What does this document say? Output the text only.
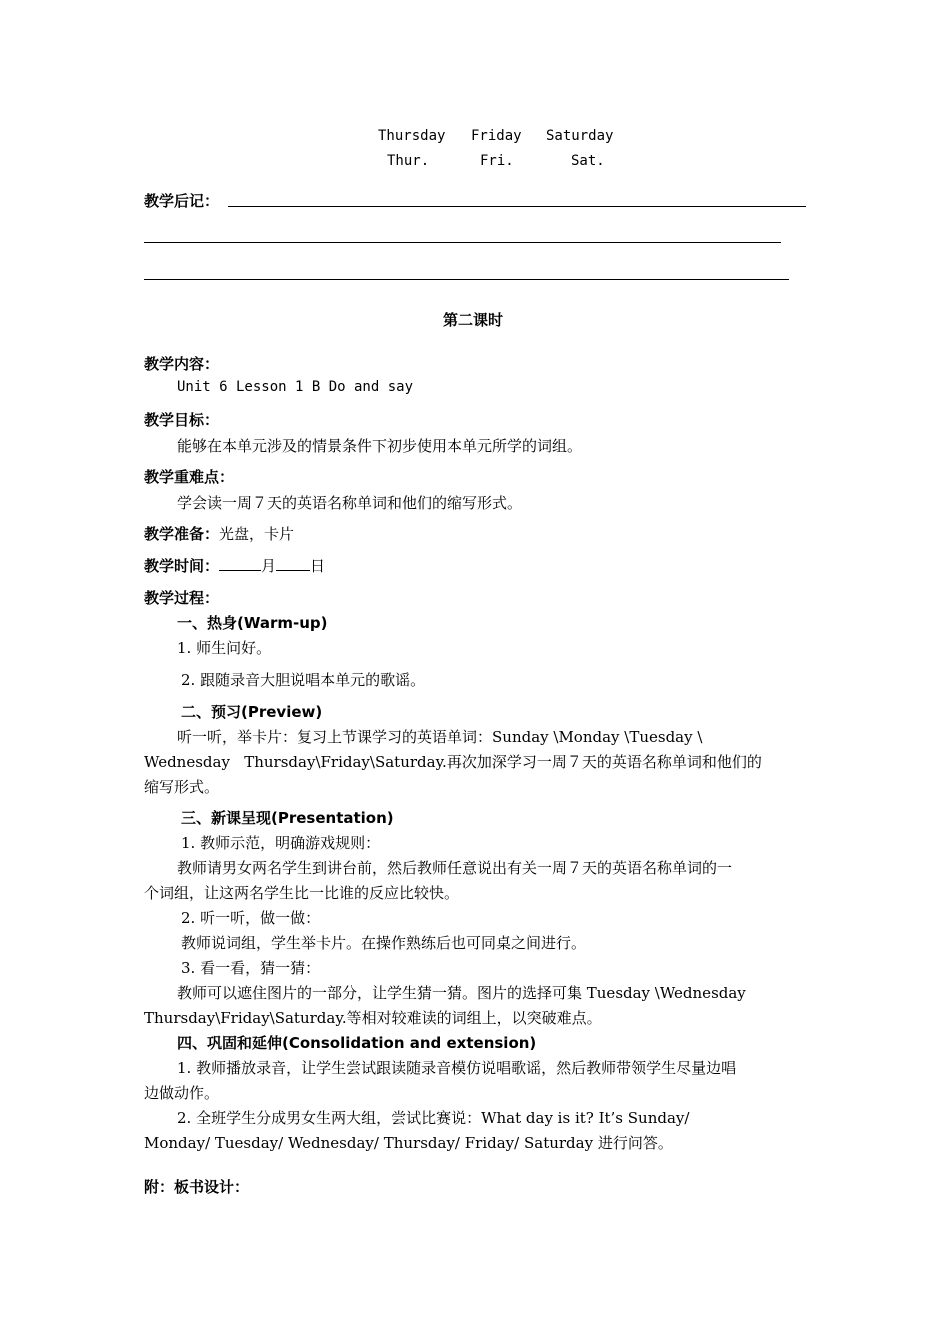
Thursday Friday Saturday
Thur.	Fri.	Sat.
教学后记：
第二课时
教学内容：
Unit 6 Lesson 1 B Do and say
教学目标：
能够在本单元涉及的情景条件下初步使用本单元所学的词组。
教学重难点：
学会读一周７天的英语名称单词和他们的缩写形式。
教学准备：光盘，卡片
教学时间：	月 日
教学过程：
一、热身(Warm-up)
1. 师生问好。
2. 跟随录音大胆说唱本单元的歌谣。
二、预习(Preview)
听一听，举卡片：复习上节课学习的英语单词：Sunday \Monday \Tuesday \
Wednesday   Thursday\Friday\Saturday.再次加深学习一周７天的英语名称单词和他们的
缩写形式。
三、新课呈现(Presentation)
1. 教师示范，明确游戏规则：
教师请男女两名学生到讲台前，然后教师任意说出有关一周７天的英语名称单词的一
个词组，让这两名学生比一比谁的反应比较快。
2. 听一听，做一做：
教师说词组，学生举卡片。在操作熟练后也可同桌之间进行。
3. 看一看，猜一猜：
教师可以遮住图片的一部分，让学生猜一猜。图片的选择可集 Tuesday \Wednesday
Thursday\Friday\Saturday.等相对较难读的词组上，以突破难点。
四、巩固和延伸(Consolidation and extension)
1. 教师播放录音，让学生尝试跟读随录音模仿说唱歌谣，然后教师带领学生尽量边唱
边做动作。
2. 全班学生分成男女生两大组，尝试比赛说：What day is it? It’s Sunday/
Monday/ Tuesday/ Wednesday/ Thursday/ Friday/ Saturday 进行问答。
附：板书设计：
